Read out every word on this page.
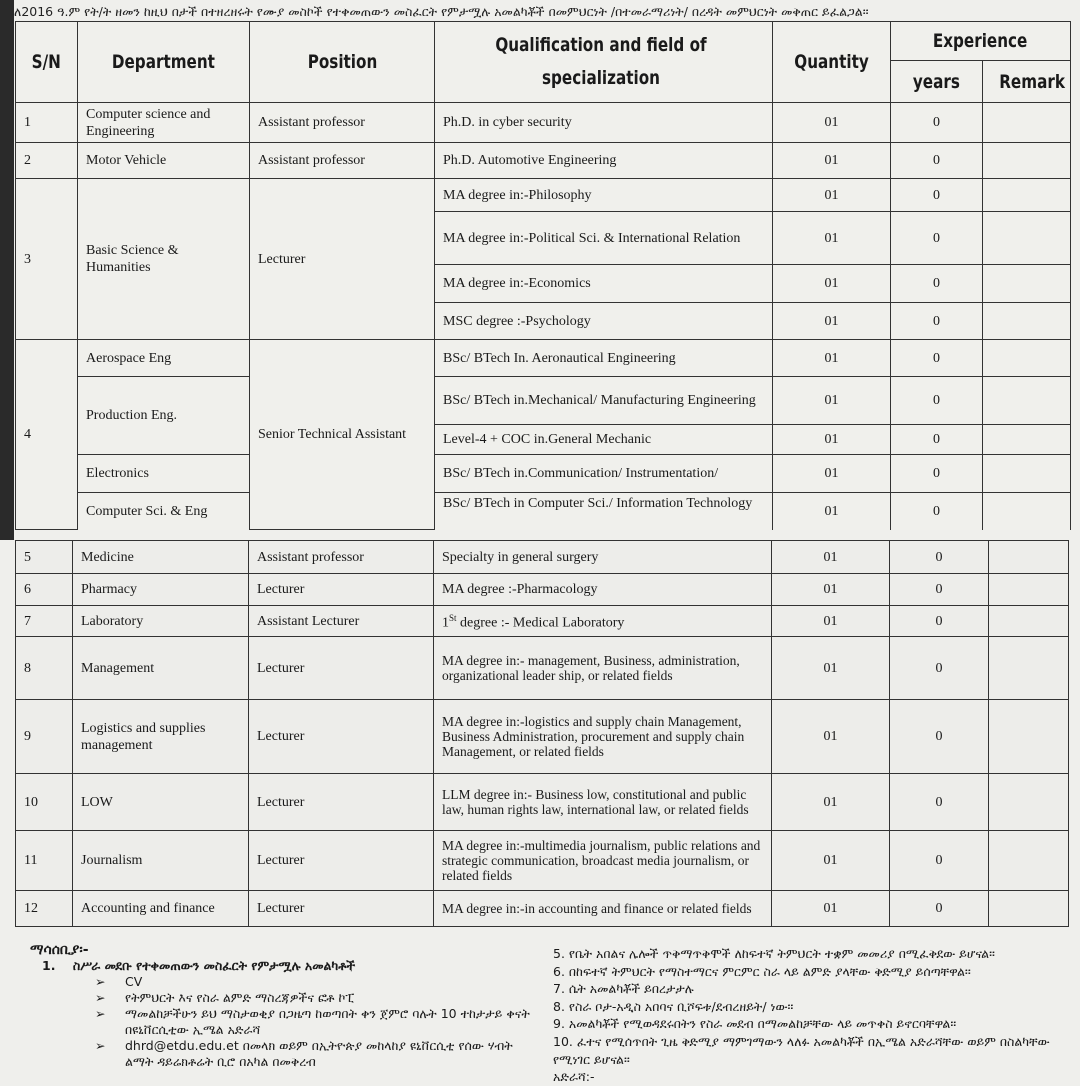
ለ2016 ዓ.ም የት/ት ዘመን ከዚህ በታች በተዘረዘሩት የሙያ መስኮች የተቀመጠውን መስፈርት የምታሟሉ አመልካቾች በመምህርነት /በተመራማሪነት/ በረዳት መምህርነት መቅጠር ይፈልጋል፡፡
S/N	Department	Position	Qualification and field of specialization	Quantity	Experience	
					years	Remark
1	Computer science and Engineering	Assistant professor	Ph.D. in cyber security	01	0	
2	Motor Vehicle	Assistant professor	Ph.D. Automotive Engineering	01	0	
3	Basic Science & Humanities	Lecturer	MA degree in:-Philosophy	01	0	
			MA degree in:-Political Sci. & International Relation	01	0	
			MA degree in:-Economics	01	0	
			MSC degree :-Psychology	01	0	
4	Aerospace Eng	Senior Technical Assistant	BSc/ BTech In. Aeronautical Engineering	01	0	
	Production Eng.		BSc/ BTech in.Mechanical/ Manufacturing Engineering	01	0	
			Level-4 + COC in.General Mechanic	01	0	
	Electronics		BSc/ BTech in.Communication/ Instrumentation/	01	0	
	Computer Sci. & Eng		BSc/ BTech in Computer Sci./ Information Technology	01	0	
5	Medicine	Assistant professor	Specialty in general surgery	01	0	
6	Pharmacy	Lecturer	MA degree :-Pharmacology	01	0	
7	Laboratory	Assistant Lecturer	1St degree :- Medical Laboratory	01	0	
8	Management	Lecturer	MA degree in:- management, Business, administration, organizational leader ship, or related fields	01	0	
9	Logistics and supplies management	Lecturer	MA degree in:-logistics and supply chain Management, Business Administration, procurement and supply chain Management, or related fields	01	0	
10	LOW	Lecturer	LLM degree in:- Business low, constitutional and public law, human rights law, international law, or related fields	01	0	
11	Journalism	Lecturer	MA degree in:-multimedia journalism, public relations and strategic communication, broadcast media journalism, or related fields	01	0	
12	Accounting and finance	Lecturer	MA degree in:-in accounting and finance or related fields	01	0	
ማሳሰቢያ፡-
1. ስሥራ መደቡ የተቀመጠውን መስፈርት የምታሟሉ አመልካቶች
➢	CV
➢	የትምህርት እና የስራ ልምድ ማስረጃዎችና ፎቶ ኮፒ
➢	ማመልከቻችሁን ይህ ማስታወቂያ በጋዜጣ ከወጣበት ቀን ጀምሮ ባሉት 10 ተከታታይ ቀናት በዩኒቨርሲቲው ኢሜል አድራሻ
➢	dhrd@etdu.edu.et በመላክ ወይም በኢትዮጵያ መከላከያ ዩኒቨርሲቲ የሰው ሃብት ልማት ዳይሬክቶሬት ቢሮ በአካል በመቅረብ
5. የቤት አበልና ሌሎች ጥቅማጥቅሞች ለከፍተኛ ትምህርት ተቋም መመሪያ በሚፈቅደው ይሆናል፡፡
6. በከፍተኛ ትምህርት የማስተማርና ምርምር ስራ ላይ ልምድ ያላቸው ቅድሚያ ይሰጣቸዋል፡፡
7. ሴት አመልካቾች ይበረታታሉ
8. የስራ ቦታ-አዲስ አበባና ቢሾፍቱ/ደብረዘይት/ ነው፡፡
9. አመልካቾች የሚወዳደሩበትን የስራ መደብ በማመልከቻቸው ላይ መጥቀስ ይኖርባቸዋል፡፡
10. ፈተና የሚሰጥበት ጊዜ ቅድሚያ ማምገማውን ላለፉ አመልካቾች በኢሜል አድራሻቸው ወይም በስልካቸው የሚነገር ይሆናል፡፡
አድራሻ:-
